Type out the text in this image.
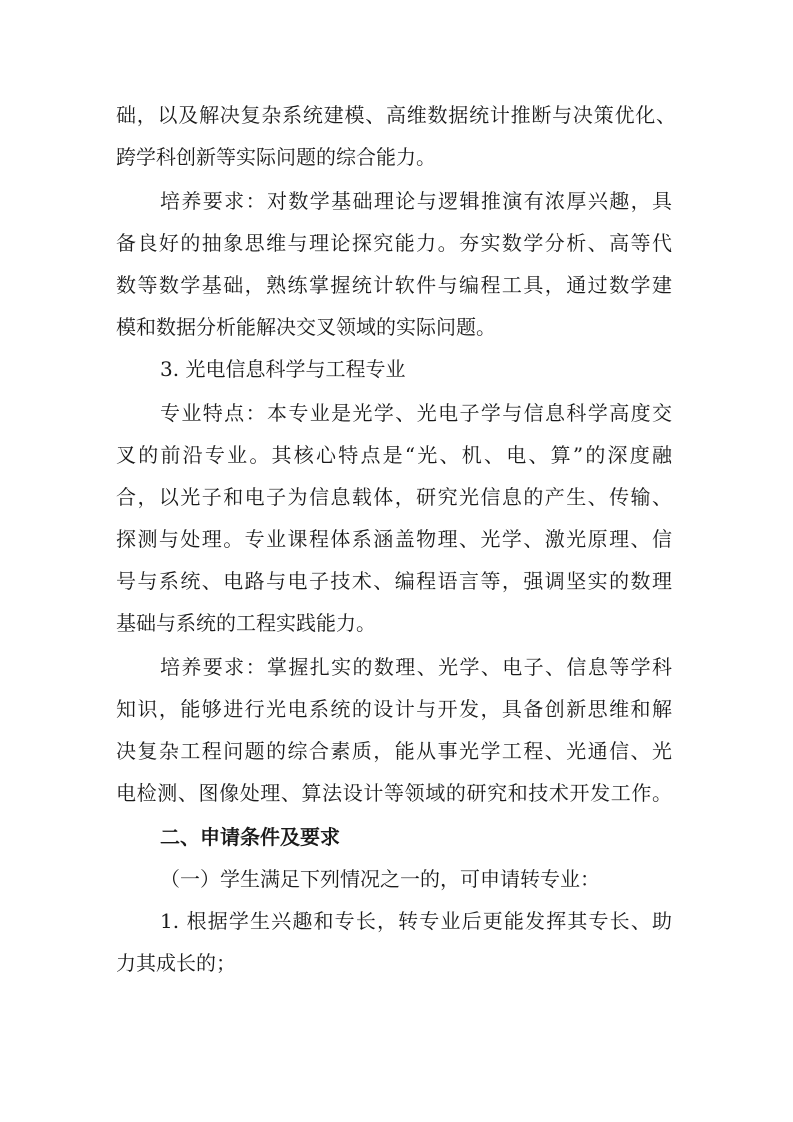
础，以及解决复杂系统建模、高维数据统计推断与决策优化、
跨学科创新等实际问题的综合能力。
培养要求：对数学基础理论与逻辑推演有浓厚兴趣，具
备良好的抽象思维与理论探究能力。夯实数学分析、高等代
数等数学基础，熟练掌握统计软件与编程工具，通过数学建
模和数据分析能解决交叉领域的实际问题。
3. 光电信息科学与工程专业
专业特点：本专业是光学、光电子学与信息科学高度交
叉的前沿专业。其核心特点是“光、机、电、算”的深度融
合，以光子和电子为信息载体，研究光信息的产生、传输、
探测与处理。专业课程体系涵盖物理、光学、激光原理、信
号与系统、电路与电子技术、编程语言等，强调坚实的数理
基础与系统的工程实践能力。
培养要求：掌握扎实的数理、光学、电子、信息等学科
知识，能够进行光电系统的设计与开发，具备创新思维和解
决复杂工程问题的综合素质，能从事光学工程、光通信、光
电检测、图像处理、算法设计等领域的研究和技术开发工作。
二、申请条件及要求
（一）学生满足下列情况之一的，可申请转专业：
1. 根据学生兴趣和专长，转专业后更能发挥其专长、助
力其成长的；
